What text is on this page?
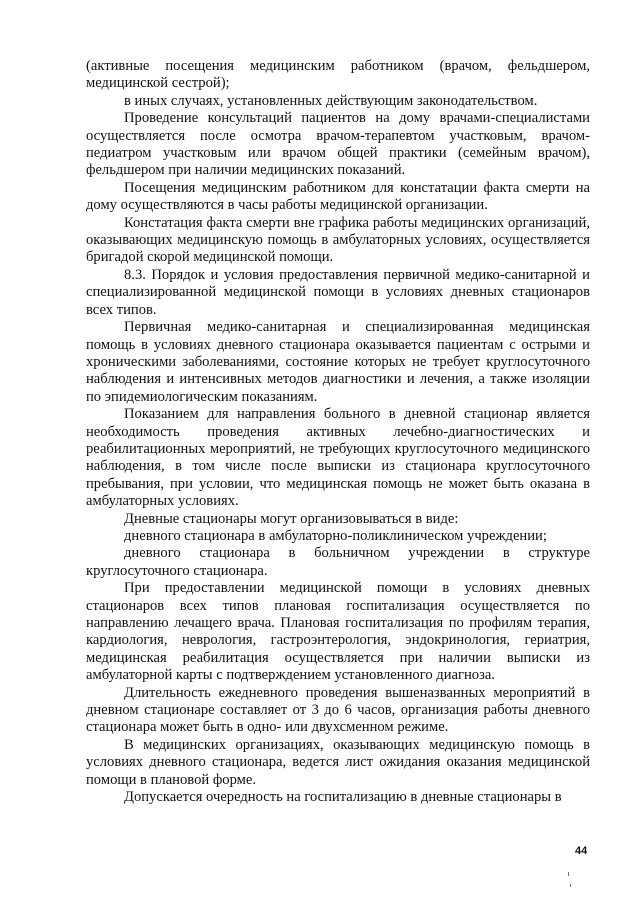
(активные посещения медицинским работником (врачом, фельдшером, медицинской сестрой);

в иных случаях, установленных действующим законодательством.

Проведение консультаций пациентов на дому врачами-специалистами осуществляется после осмотра врачом-терапевтом участковым, врачом-педиатром участковым или врачом общей практики (семейным врачом), фельдшером при наличии медицинских показаний.

Посещения медицинским работником для констатации факта смерти на дому осуществляются в часы работы медицинской организации.

Констатация факта смерти вне графика работы медицинских организаций, оказывающих медицинскую помощь в амбулаторных условиях, осуществляется бригадой скорой медицинской помощи.

8.3. Порядок и условия предоставления первичной медико-санитарной и специализированной медицинской помощи в условиях дневных стационаров всех типов.

Первичная медико-санитарная и специализированная медицинская помощь в условиях дневного стационара оказывается пациентам с острыми и хроническими заболеваниями, состояние которых не требует круглосуточного наблюдения и интенсивных методов диагностики и лечения, а также изоляции по эпидемиологическим показаниям.

Показанием для направления больного в дневной стационар является необходимость проведения активных лечебно-диагностических и реабилитационных мероприятий, не требующих круглосуточного медицинского наблюдения, в том числе после выписки из стационара круглосуточного пребывания, при условии, что медицинская помощь не может быть оказана в амбулаторных условиях.

Дневные стационары могут организовываться в виде:

дневного стационара в амбулаторно-поликлиническом учреждении;

дневного стационара в больничном учреждении в структуре круглосуточного стационара.

При предоставлении медицинской помощи в условиях дневных стационаров всех типов плановая госпитализация осуществляется по направлению лечащего врача. Плановая госпитализация по профилям терапия, кардиология, неврология, гастроэнтерология, эндокринология, гериатрия, медицинская реабилитация осуществляется при наличии выписки из амбулаторной карты с подтверждением установленного диагноза.

Длительность ежедневного проведения вышеназванных мероприятий в дневном стационаре составляет от 3 до 6 часов, организация работы дневного стационара может быть в одно- или двухсменном режиме.

В медицинских организациях, оказывающих медицинскую помощь в условиях дневного стационара, ведется лист ожидания оказания медицинской помощи в плановой форме.

Допускается очередность на госпитализацию в дневные стационары в

44
